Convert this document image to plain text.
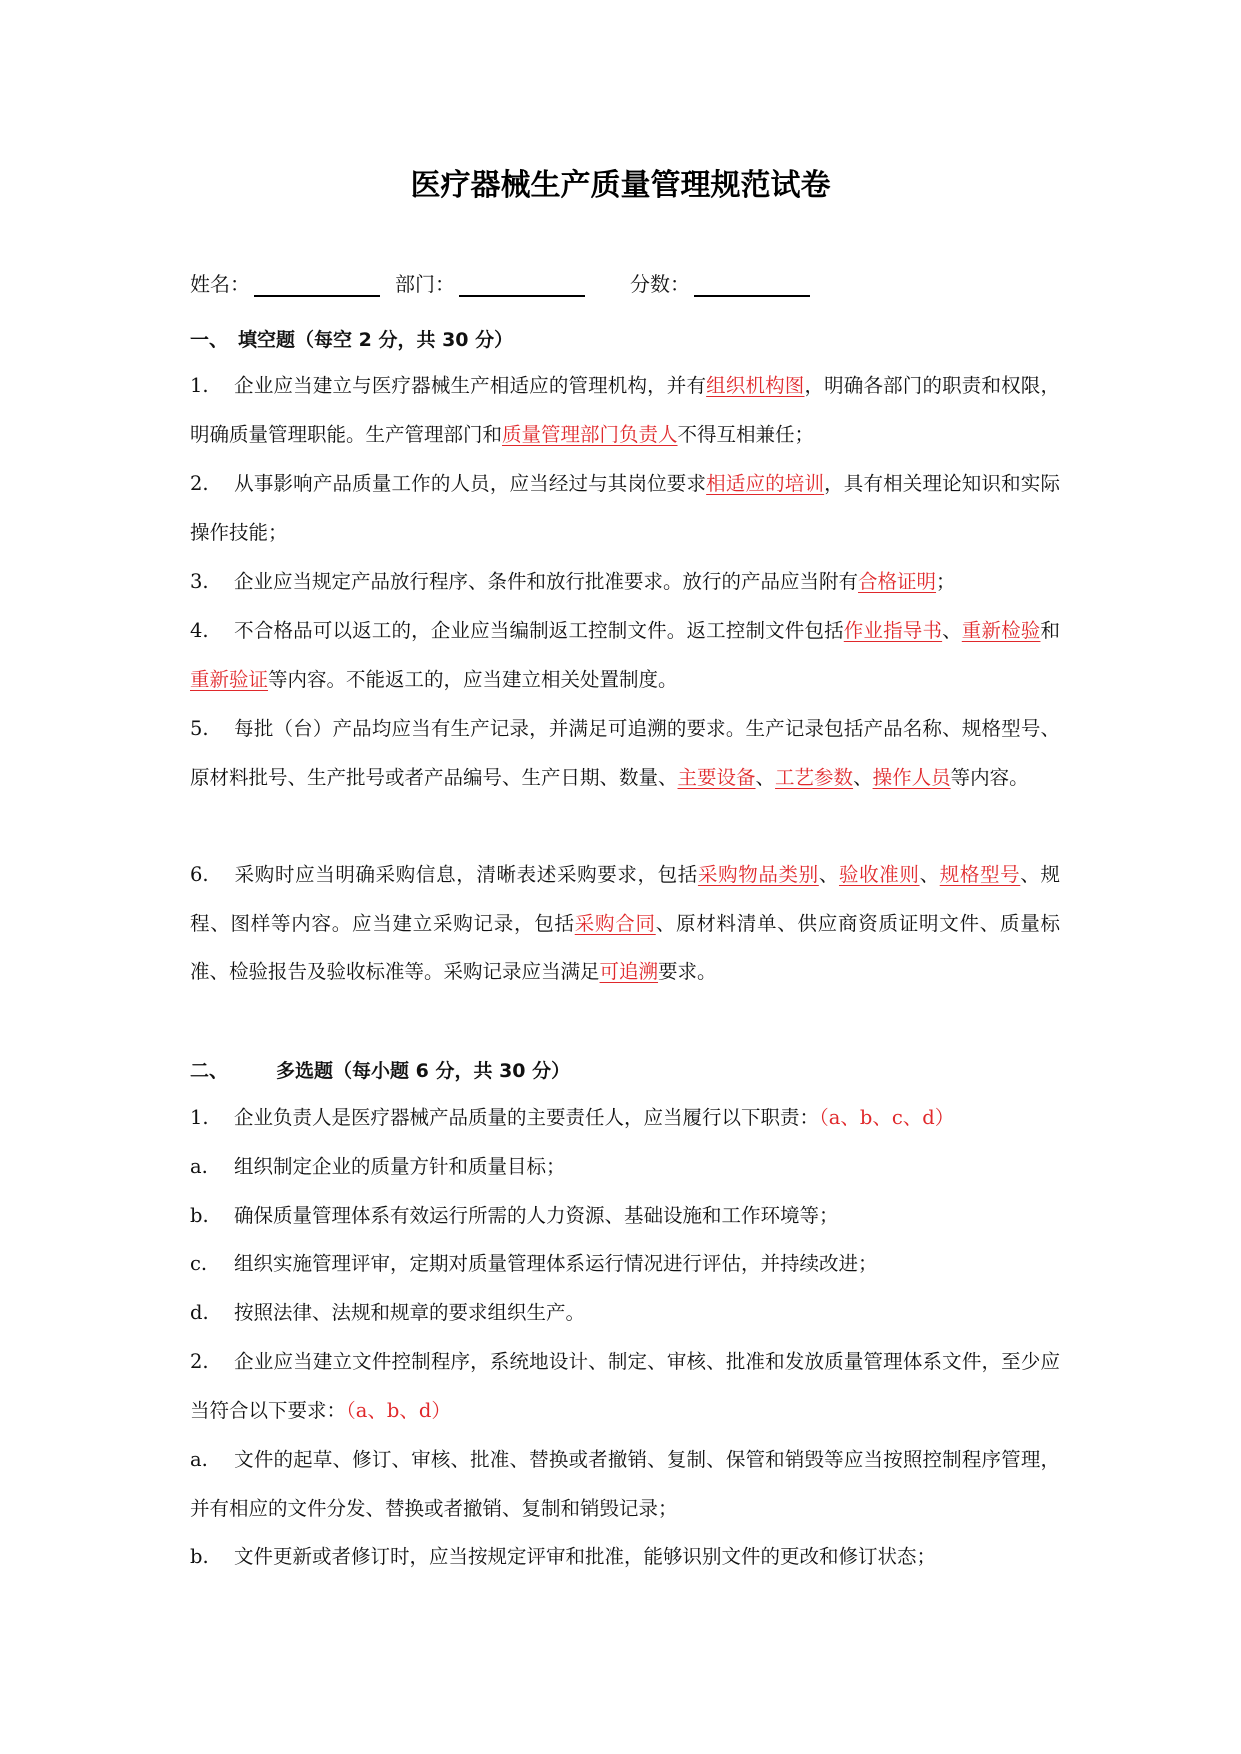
医疗器械生产质量管理规范试卷
姓名：	部门：	分数：
一、 填空题（每空 2 分，共 30 分）
1. 企业应当建立与医疗器械生产相适应的管理机构，并有组织机构图，明确各部门的职责和权限，明确质量管理职能。生产管理部门和质量管理部门负责人不得互相兼任；
2. 从事影响产品质量工作的人员，应当经过与其岗位要求相适应的培训，具有相关理论知识和实际操作技能；
3. 企业应当规定产品放行程序、条件和放行批准要求。放行的产品应当附有合格证明；
4. 不合格品可以返工的，企业应当编制返工控制文件。返工控制文件包括作业指导书、重新检验和重新验证等内容。不能返工的，应当建立相关处置制度。
5. 每批（台）产品均应当有生产记录，并满足可追溯的要求。生产记录包括产品名称、规格型号、原材料批号、生产批号或者产品编号、生产日期、数量、主要设备、工艺参数、操作人员等内容。
6. 采购时应当明确采购信息，清晰表述采购要求，包括采购物品类别、验收准则、规格型号、规程、图样等内容。应当建立采购记录，包括采购合同、原材料清单、供应商资质证明文件、质量标准、检验报告及验收标准等。采购记录应当满足可追溯要求。
二、	多选题（每小题 6 分，共 30 分）
1. 企业负责人是医疗器械产品质量的主要责任人，应当履行以下职责：（a、b、c、d）
a. 组织制定企业的质量方针和质量目标；
b. 确保质量管理体系有效运行所需的人力资源、基础设施和工作环境等；
c. 组织实施管理评审，定期对质量管理体系运行情况进行评估，并持续改进；
d. 按照法律、法规和规章的要求组织生产。
2. 企业应当建立文件控制程序，系统地设计、制定、审核、批准和发放质量管理体系文件，至少应当符合以下要求：（a、b、d）
a. 文件的起草、修订、审核、批准、替换或者撤销、复制、保管和销毁等应当按照控制程序管理，并有相应的文件分发、替换或者撤销、复制和销毁记录；
b. 文件更新或者修订时，应当按规定评审和批准，能够识别文件的更改和修订状态；
